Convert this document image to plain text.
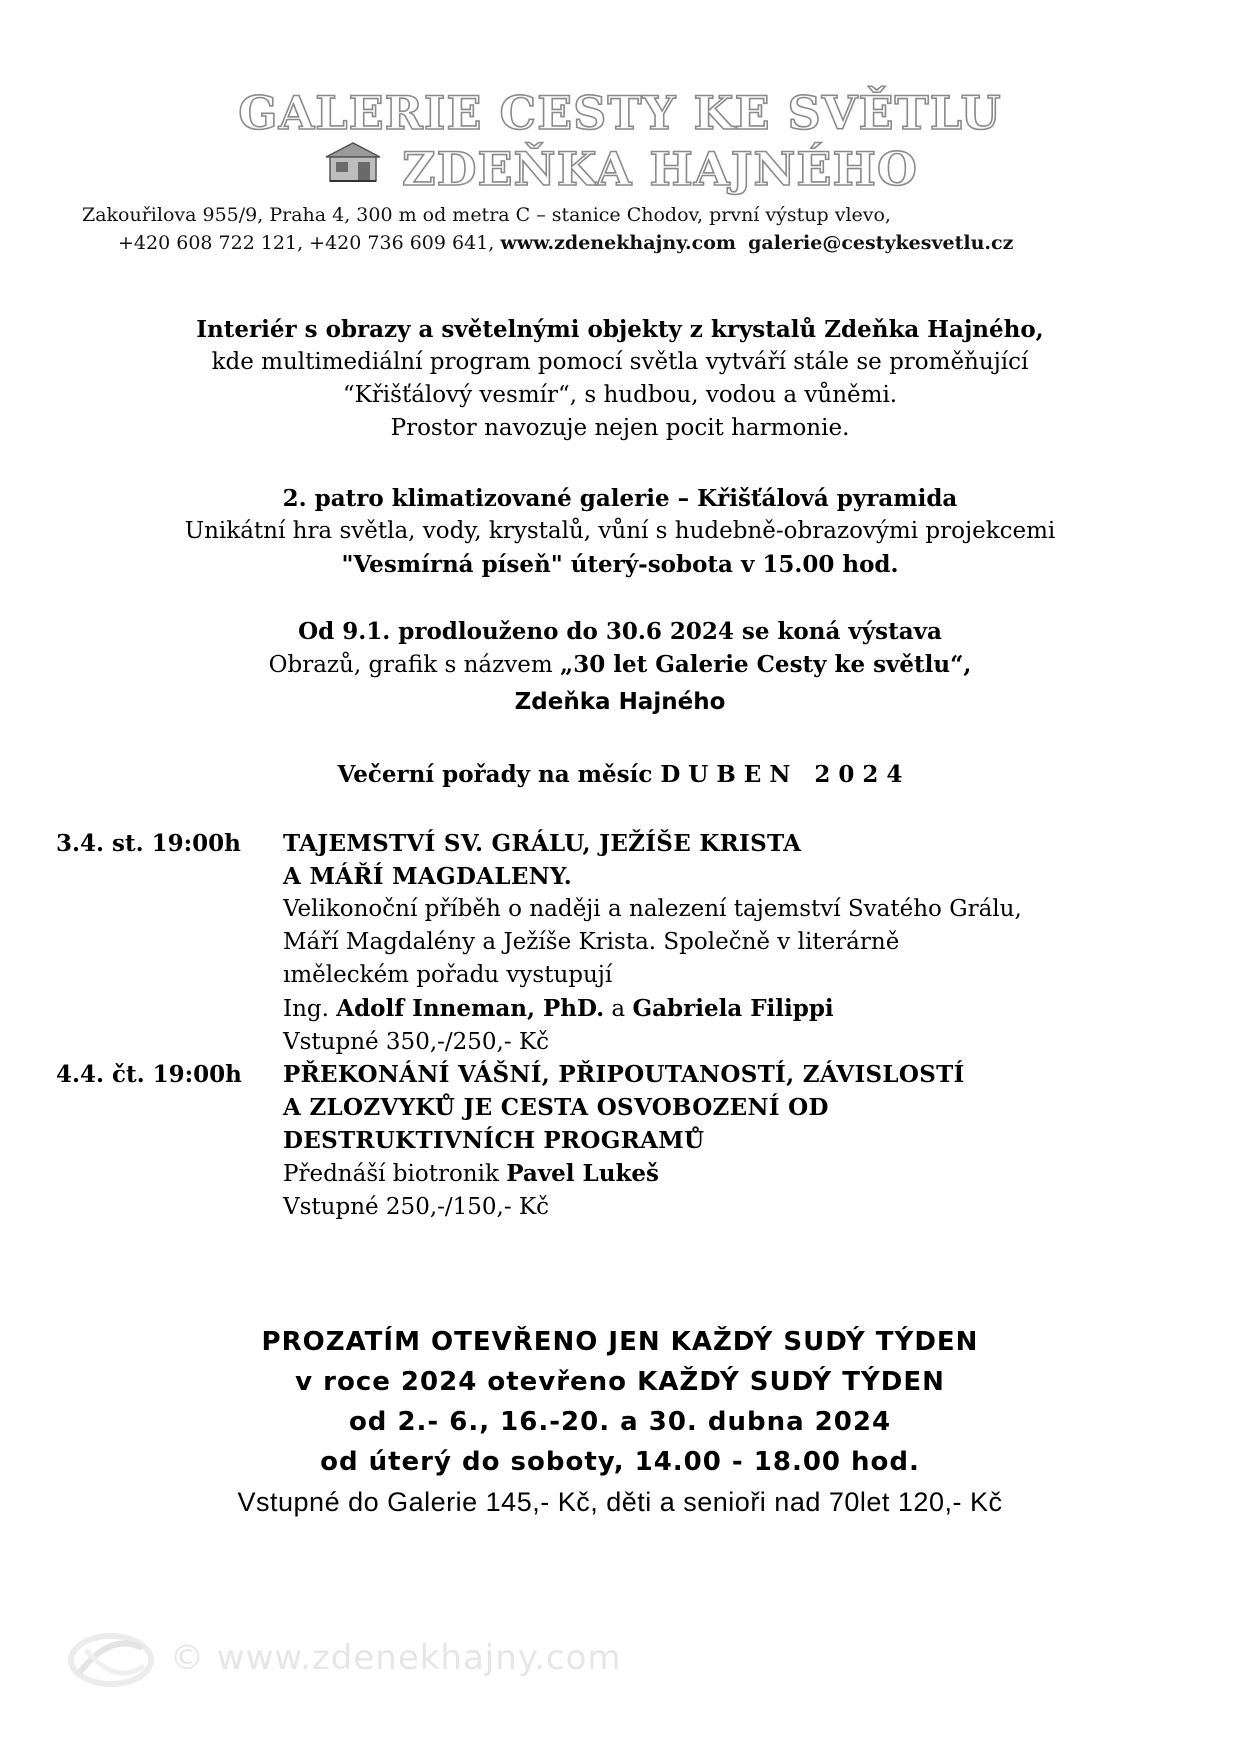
GALERIE CESTY KE SVĚTLU
ZDEŇKA HAJNÉHO
Zakouřilova 955/9, Praha 4, 300 m od metra C – stanice Chodov, první výstup vlevo,
+420 608 722 121, +420 736 609 641, www.zdenekhajny.com galerie@cestykesvetlu.cz
Interiér s obrazy a světelnými objekty z krystalů Zdeňka Hajného,
kde multimediální program pomocí světla vytváří stále se proměňující
“Křišťálový vesmír“, s hudbou, vodou a vůněmi.
Prostor navozuje nejen pocit harmonie.
2. patro klimatizované galerie – Křišťálová pyramida
Unikátní hra světla, vody, krystalů, vůní s hudebně-obrazovými projekcemi
"Vesmírná píseň" úterý-sobota v 15.00 hod.
Od 9.1. prodlouženo do 30.6 2024 se koná výstava
Obrazů, grafik s názvem „30 let Galerie Cesty ke světlu“,
Zdeňka Hajného
Večerní pořady na měsíc D U B E N   2 0 2 4
3.4. st. 19:00h TAJEMSTVÍ SV. GRÁLU, JEŽÍŠE KRISTA
A MÁŘÍ MAGDALENY.
Velikonoční příběh o naději a nalezení tajemství Svatého Grálu,
Máří Magdalény a Ježíše Krista. Společně v literárně
ıměleckém pořadu vystupují
Ing. Adolf Inneman, PhD. a Gabriela Filippi
Vstupné 350,-/250,- Kč
4.4. čt. 19:00h PŘEKONÁNÍ VÁŠNÍ, PŘIPOUTANOSTÍ, ZÁVISLOSTÍ
A ZLOZVYKŮ JE CESTA OSVOBOZENÍ OD
DESTRUKTIVNÍCH PROGRAMŮ
Přednáší biotronik Pavel Lukeš
Vstupné 250,-/150,- Kč
PROZATÍM OTEVŘENO JEN KAŽDÝ SUDÝ TÝDEN
v roce 2024 otevřeno KAŽDÝ SUDÝ TÝDEN
od 2.- 6., 16.-20. a 30. dubna 2024
od úterý do soboty, 14.00 - 18.00 hod.
Vstupné do Galerie 145,- Kč, děti a senioři nad 70let 120,- Kč
© www.zdenekhajny.com
